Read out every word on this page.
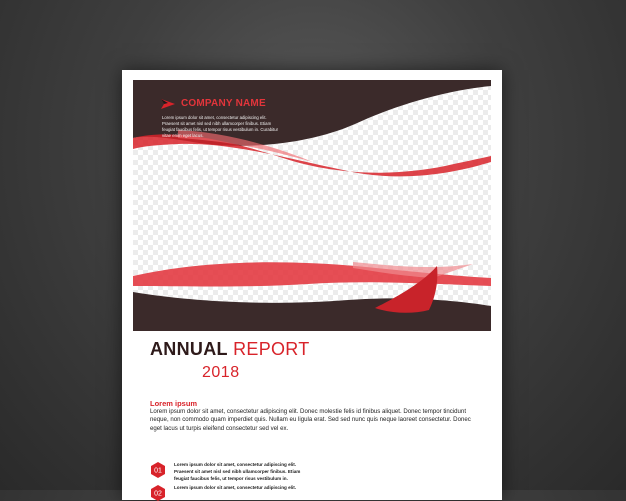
COMPANY NAME
Lorem ipsum dolor sit amet, consectetur adipiscing elit. Praesent sit amet nisl sed nibh ullamcorper finibus. Etiam feugiat faucibus felis, ut tempor risus vestibulum in. Curabitur vitae enim eget lacus.
ANNUAL REPORT
2018
Lorem ipsum
Lorem ipsum dolor sit amet, consectetur adipiscing elit. Donec molestie felis id finibus aliquet. Donec tempor tincidunt neque, non commodo quam imperdiet quis. Nullam eu ligula erat. Sed sed nunc quis neque laoreet consectetur. Donec eget lacus ut turpis eleifend consectetur sed vel ex.
01
Lorem ipsum dolor sit amet, consectetur adipiscing elit. Praesent sit amet nisl sed nibh ullamcorper finibus. Etiam feugiat faucibus felis, ut tempor risus vestibulum in.
02
Lorem ipsum dolor sit amet, consectetur adipiscing elit.
